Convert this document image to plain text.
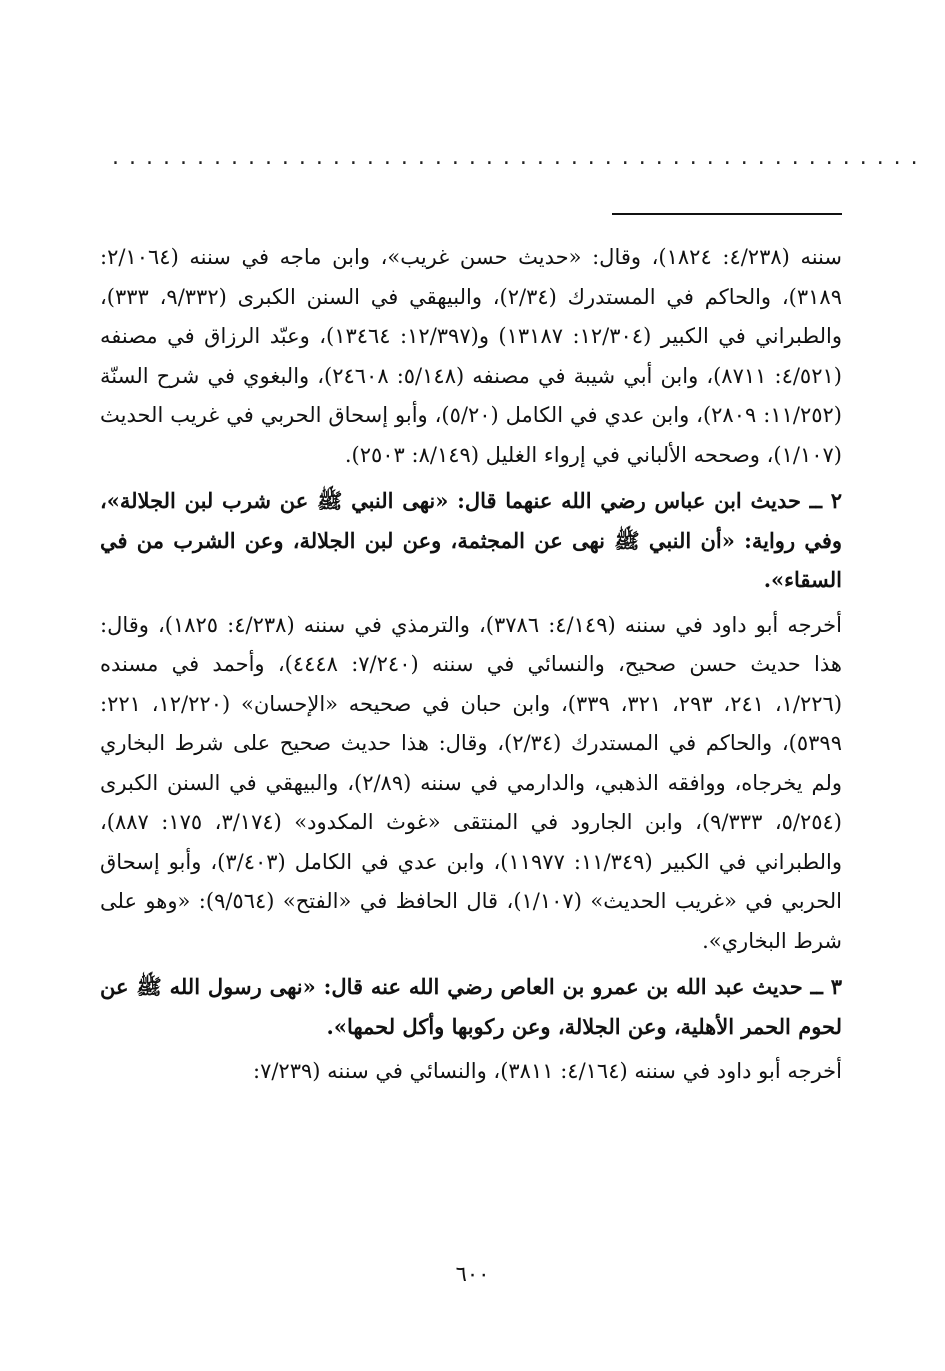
................................................

سننه (٤/٢٣٨: ١٨٢٤)، وقال: «حديث حسن غريب»، وابن ماجه في سننه (٢/١٠٦٤: ٣١٨٩)، والحاكم في المستدرك (٢/٣٤)، والبيهقي في السنن الكبرى (٩/٣٣٢، ٣٣٣)، والطبراني في الكبير (١٢/٣٠٤: ١٣١٨٧) و(١٢/٣٩٧: ١٣٤٦٤)، وعبّد الرزاق في مصنفه (٤/٥٢١: ٨٧١١)، وابن أبي شيبة في مصنفه (٥/١٤٨: ٢٤٦٠٨)، والبغوي في شرح السنّة (١١/٢٥٢: ٢٨٠٩)، وابن عدي في الكامل (٥/٢٠)، وأبو إسحاق الحربي في غريب الحديث (١/١٠٧)، وصححه الألباني في إرواء الغليل (٨/١٤٩: ٢٥٠٣).

٢ ــ حديث ابن عباس رضي الله عنهما قال: «نهى النبي ﷺ عن شرب لبن الجلالة»، وفي رواية: «أن النبي ﷺ نهى عن المجثمة، وعن لبن الجلالة، وعن الشرب من في السقاء».

أخرجه أبو داود في سننه (٤/١٤٩: ٣٧٨٦)، والترمذي في سننه (٤/٢٣٨: ١٨٢٥)، وقال: هذا حديث حسن صحيح، والنسائي في سننه (٧/٢٤٠: ٤٤٤٨)، وأحمد في مسنده (١/٢٢٦، ٢٤١، ٢٩٣، ٣٢١، ٣٣٩)، وابن حبان في صحيحه «الإحسان» (١٢/٢٢٠، ٢٢١: ٥٣٩٩)، والحاكم في المستدرك (٢/٣٤)، وقال: هذا حديث صحيح على شرط البخاري ولم يخرجاه، ووافقه الذهبي، والدارمي في سننه (٢/٨٩)، والبيهقي في السنن الكبرى (٥/٢٥٤، ٩/٣٣٣)، وابن الجارود في المنتقى «غوث المكدود» (٣/١٧٤، ١٧٥: ٨٨٧)، والطبراني في الكبير (١١/٣٤٩: ١١٩٧٧)، وابن عدي في الكامل (٣/٤٠٣)، وأبو إسحاق الحربي في «غريب الحديث» (١/١٠٧)، قال الحافظ في «الفتح» (٩/٥٦٤): «وهو على شرط البخاري».

٣ ــ حديث عبد الله بن عمرو بن العاص رضي الله عنه قال: «نهى رسول الله ﷺ عن لحوم الحمر الأهلية، وعن الجلالة، وعن ركوبها وأكل لحمها».

أخرجه أبو داود في سننه (٤/١٦٤: ٣٨١١)، والنسائي في سننه (٧/٢٣٩:

٦٠٠
